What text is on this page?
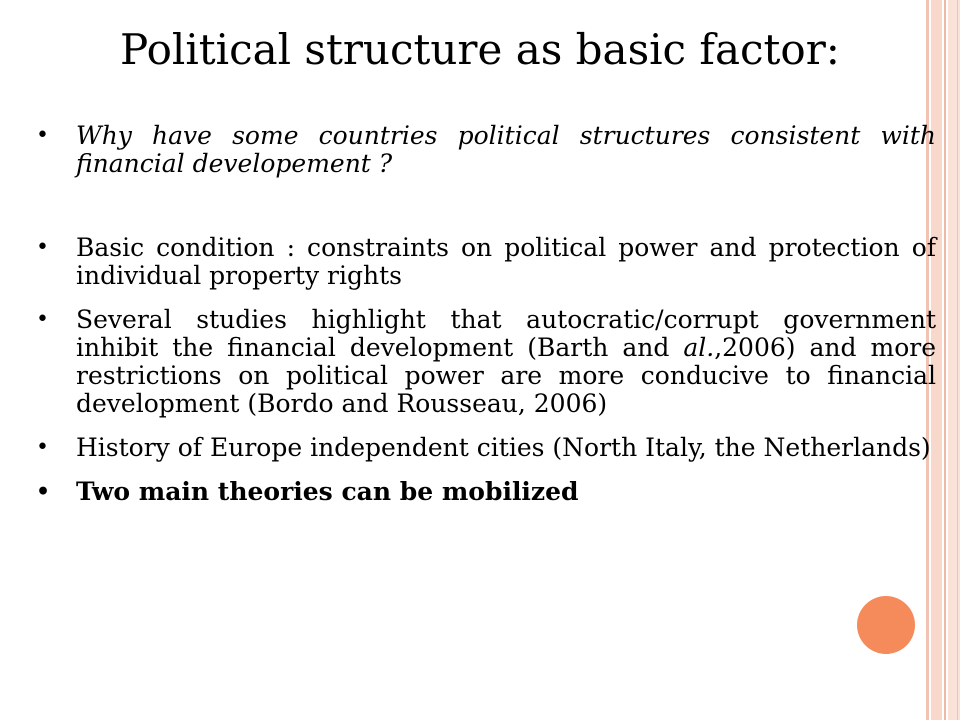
Political structure as basic factor:
• Why have some countries political structures consistent with financial developement ?
• Basic condition : constraints on political power and protection of individual property rights
• Several studies highlight that autocratic/corrupt government inhibit the financial development (Barth and al.,2006) and more restrictions on political power are more conducive to financial development (Bordo and Rousseau, 2006)
• History of Europe independent cities (North Italy, the Netherlands)
• Two main theories can be mobilized
